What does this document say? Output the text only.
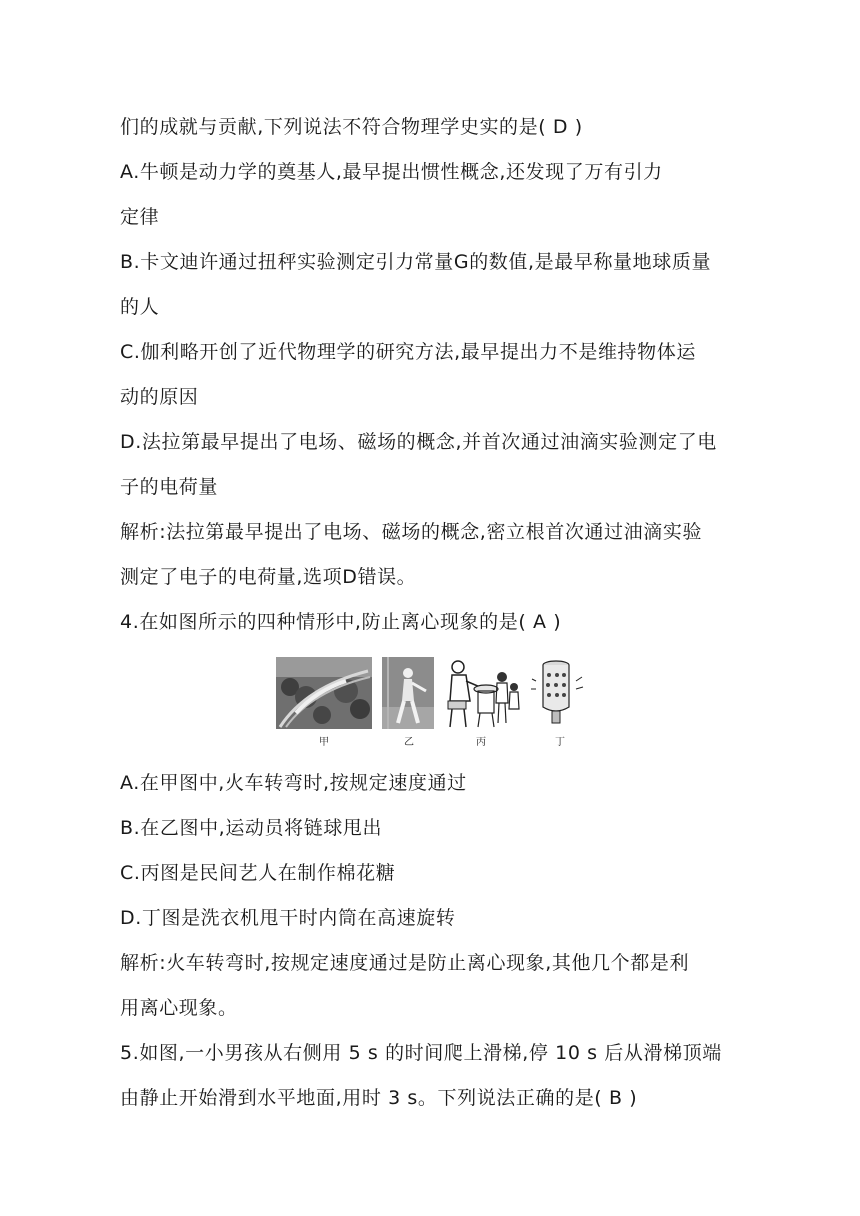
们的成就与贡献,下列说法不符合物理学史实的是( D )
A.牛顿是动力学的奠基人,最早提出惯性概念,还发现了万有引力
定律
B.卡文迪许通过扭秤实验测定引力常量G的数值,是最早称量地球质量
的人
C.伽利略开创了近代物理学的研究方法,最早提出力不是维持物体运
动的原因
D.法拉第最早提出了电场、磁场的概念,并首次通过油滴实验测定了电
子的电荷量
解析:法拉第最早提出了电场、磁场的概念,密立根首次通过油滴实验
测定了电子的电荷量,选项D错误。
4.在如图所示的四种情形中,防止离心现象的是( A )
甲	乙	丙	丁
A.在甲图中,火车转弯时,按规定速度通过
B.在乙图中,运动员将链球甩出
C.丙图是民间艺人在制作棉花糖
D.丁图是洗衣机甩干时内筒在高速旋转
解析:火车转弯时,按规定速度通过是防止离心现象,其他几个都是利
用离心现象。
5.如图,一小男孩从右侧用 5 s 的时间爬上滑梯,停 10 s 后从滑梯顶端
由静止开始滑到水平地面,用时 3 s。下列说法正确的是( B )
